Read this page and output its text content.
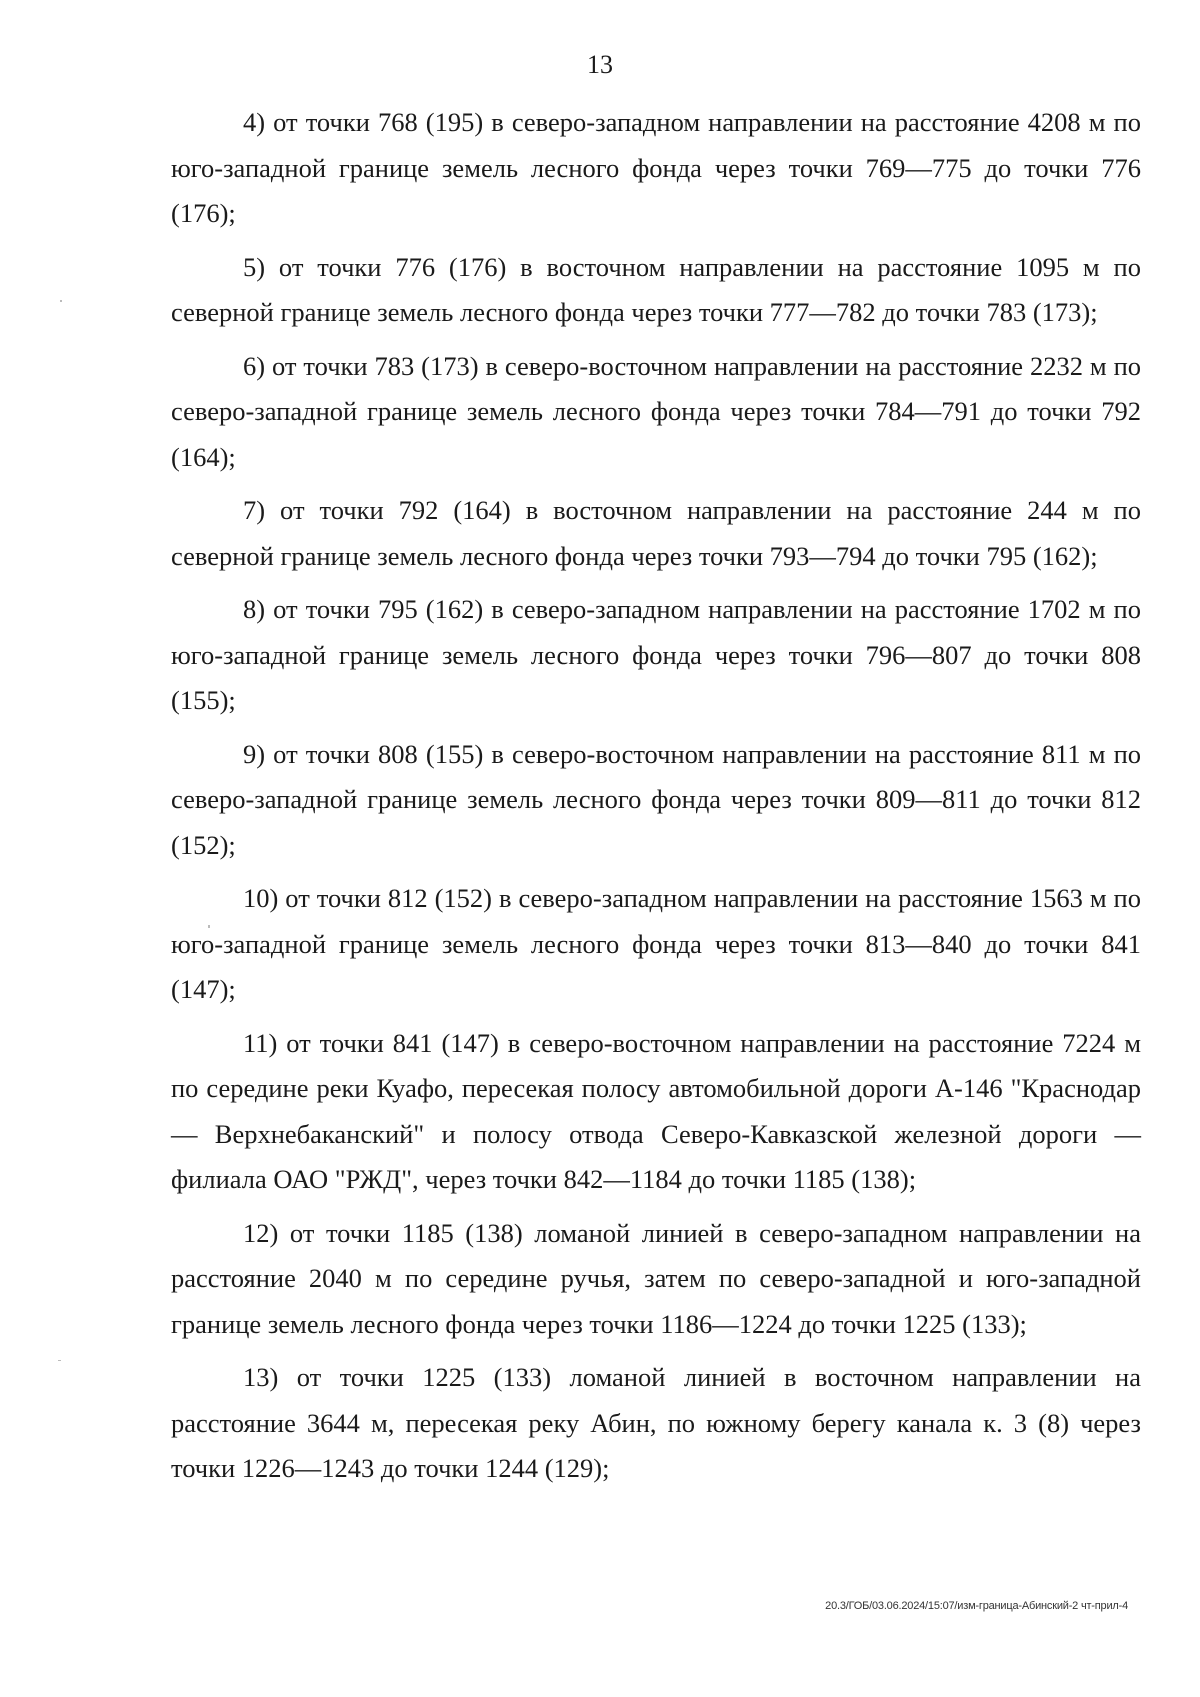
13

4) от точки 768 (195) в северо-западном направлении на расстояние 4208 м по юго-западной границе земель лесного фонда через точки 769—775 до точки 776 (176);

5) от точки 776 (176) в восточном направлении на расстояние 1095 м по северной границе земель лесного фонда через точки 777—782 до точки 783 (173);

6) от точки 783 (173) в северо-восточном направлении на расстояние 2232 м по северо-западной границе земель лесного фонда через точки 784—791 до точки 792 (164);

7) от точки 792 (164) в восточном направлении на расстояние 244 м по северной границе земель лесного фонда через точки 793—794 до точки 795 (162);

8) от точки 795 (162) в северо-западном направлении на расстояние 1702 м по юго-западной границе земель лесного фонда через точки 796—807 до точки 808 (155);

9) от точки 808 (155) в северо-восточном направлении на расстояние 811 м по северо-западной границе земель лесного фонда через точки 809—811 до точки 812 (152);

10) от точки 812 (152) в северо-западном направлении на расстояние 1563 м по юго-западной границе земель лесного фонда через точки 813—840 до точки 841 (147);

11) от точки 841 (147) в северо-восточном направлении на расстояние 7224 м по середине реки Куафо, пересекая полосу автомобильной дороги А-146 "Краснодар — Верхнебаканский" и полосу отвода Северо-Кавказской железной дороги — филиала ОАО "РЖД", через точки 842—1184 до точки 1185 (138);

12) от точки 1185 (138) ломаной линией в северо-западном направлении на расстояние 2040 м по середине ручья, затем по северо-западной и юго-западной границе земель лесного фонда через точки 1186—1224 до точки 1225 (133);

13) от точки 1225 (133) ломаной линией в восточном направлении на расстояние 3644 м, пересекая реку Абин, по южному берегу канала к. 3 (8) через точки 1226—1243 до точки 1244 (129);

20.3/ГОБ/03.06.2024/15:07/изм-граница-Абинский-2 чт-прил-4
